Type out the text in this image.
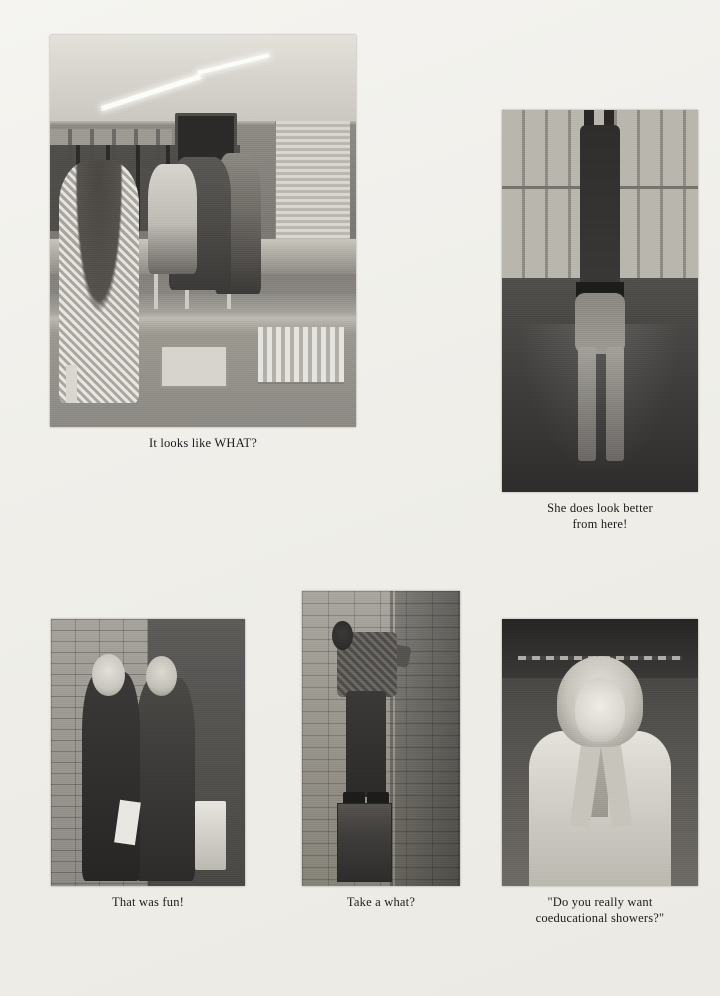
It looks like WHAT?
She does look better
from here!
That was fun!	Take a what?	"Do you really want
coeducational showers?"
